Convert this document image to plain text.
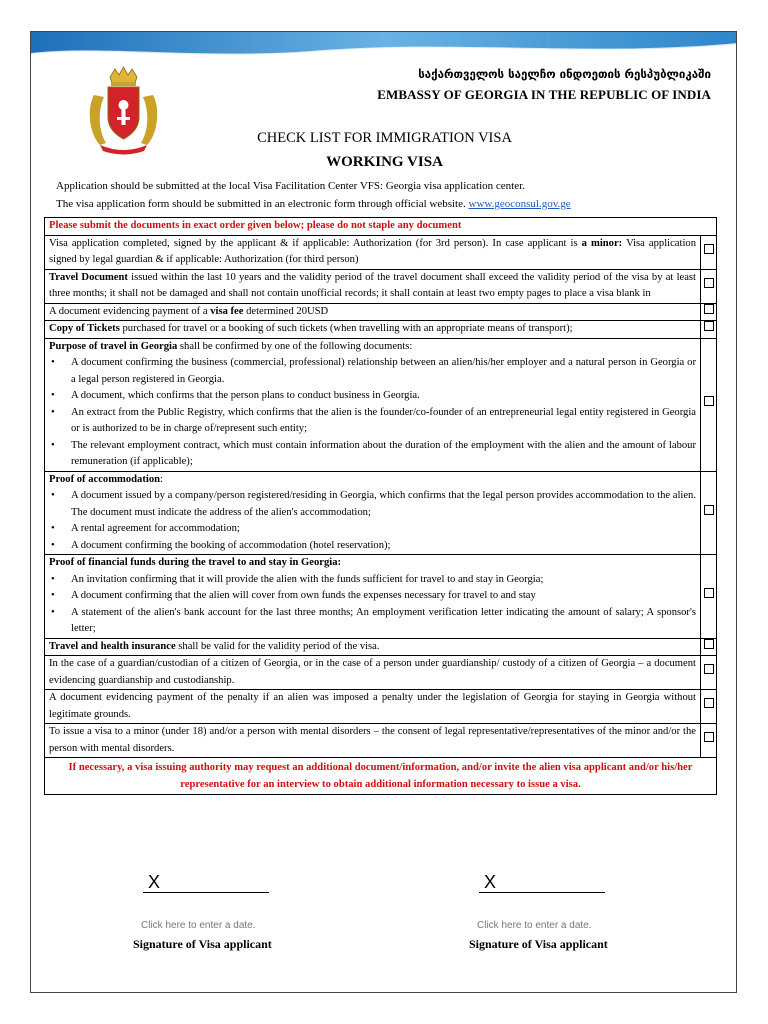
საქართველოს საელჩო ინდოეთის რესპუბლიკაში
EMBASSY OF GEORGIA IN THE REPUBLIC OF INDIA
CHECK LIST FOR IMMIGRATION VISA
WORKING VISA
Application should be submitted at the local Visa Facilitation Center VFS: Georgia visa application center.
The visa application form should be submitted in an electronic form through official website. www.geoconsul.gov.ge
Please submit the documents in exact order given below; please do not staple any document	
Visa application completed, signed by the applicant & if applicable: Authorization (for 3rd person). In case applicant is a minor: Visa application signed by legal guardian & if applicable: Authorization (for third person)	
Travel Document issued within the last 10 years and the validity period of the travel document shall exceed the validity period of the visa by at least three months; it shall not be damaged and shall not contain unofficial records; it shall contain at least two empty pages to place a visa blank in	
A document evidencing payment of a visa fee determined 20USD	
Copy of Tickets purchased for travel or a booking of such tickets (when travelling with an appropriate means of transport);	

Purpose of travel in Georgia shall be confirmed by one of the following documents:
• A document confirming the business (commercial, professional) relationship between an alien/his/her employer and a natural person in Georgia or a legal person registered in Georgia.
• A document, which confirms that the person plans to conduct business in Georgia.
• An extract from the Public Registry, which confirms that the alien is the founder/co-founder of an entrepreneurial legal entity registered in Georgia or is authorized to be in charge of/represent such entity;
• The relevant employment contract, which must contain information about the duration of the employment with the alien and the amount of labour remuneration (if applicable);

Proof of accommodation:
• A document issued by a company/person registered/residing in Georgia, which confirms that the legal person provides accommodation to the alien. The document must indicate the address of the alien's accommodation;
• A rental agreement for accommodation;
• A document confirming the booking of accommodation (hotel reservation);

Proof of financial funds during the travel to and stay in Georgia:
• An invitation confirming that it will provide the alien with the funds sufficient for travel to and stay in Georgia;
• A document confirming that the alien will cover from own funds the expenses necessary for travel to and stay
• A statement of the alien's bank account for the last three months; An employment verification letter indicating the amount of salary; A sponsor's letter;

Travel and health insurance shall be valid for the validity period of the visa.	
In the case of a guardian/custodian of a citizen of Georgia, or in the case of a person under guardianship/ custody of a citizen of Georgia – a document evidencing guardianship and custodianship.	
A document evidencing payment of the penalty if an alien was imposed a penalty under the legislation of Georgia for staying in Georgia without legitimate grounds.	
To issue a visa to a minor (under 18) and/or a person with mental disorders – the consent of legal representative/representatives of the minor and/or the person with mental disorders.	
If necessary, a visa issuing authority may request an additional document/information, and/or invite the alien visa applicant and/or his/her representative for an interview to obtain additional information necessary to issue a visa.	
X
Click here to enter a date.
Signature of Visa applicant
X
Click here to enter a date.
Signature of Visa applicant
